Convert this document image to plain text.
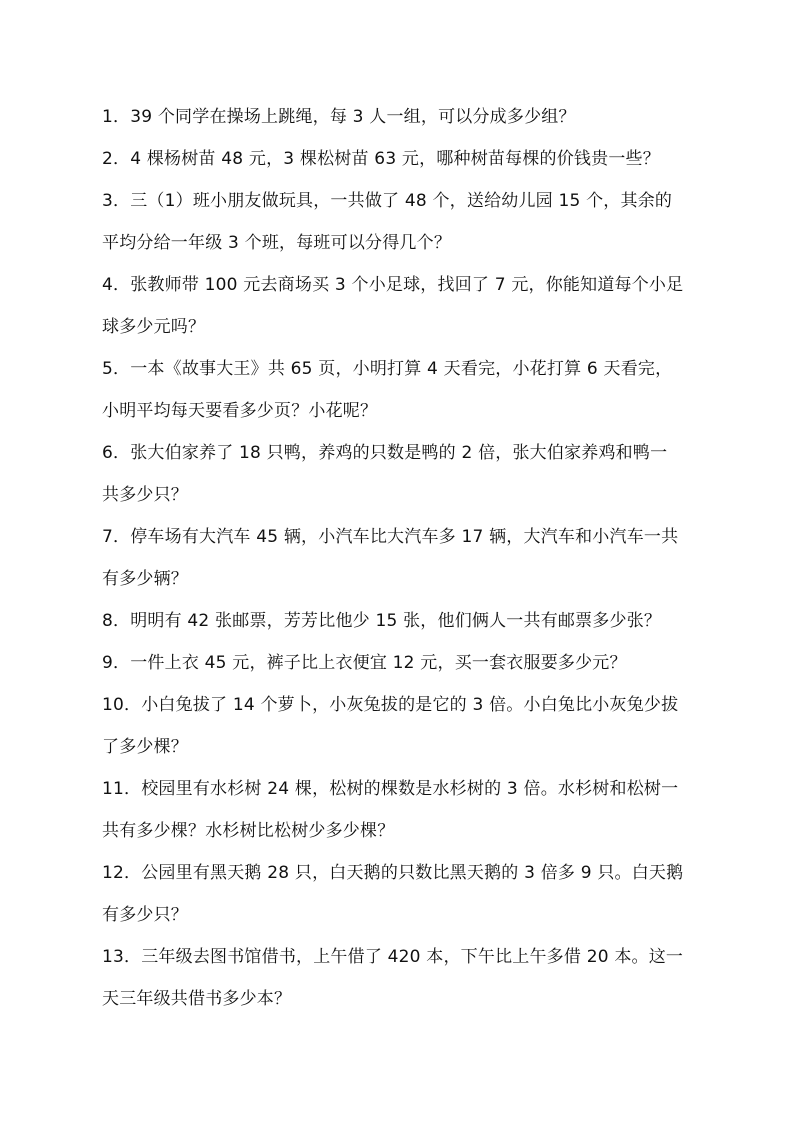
1．39 个同学在操场上跳绳，每 3 人一组，可以分成多少组？
2．4 棵杨树苗 48 元，3 棵松树苗 63 元，哪种树苗每棵的价钱贵一些？
3．三（1）班小朋友做玩具，一共做了 48 个，送给幼儿园 15 个，其余的
平均分给一年级 3 个班，每班可以分得几个？
4．张教师带 100 元去商场买 3 个小足球，找回了 7 元，你能知道每个小足
球多少元吗？
5．一本《故事大王》共 65 页，小明打算 4 天看完，小花打算 6 天看完，
小明平均每天要看多少页？小花呢？
6．张大伯家养了 18 只鸭，养鸡的只数是鸭的 2 倍，张大伯家养鸡和鸭一
共多少只？
7．停车场有大汽车 45 辆，小汽车比大汽车多 17 辆，大汽车和小汽车一共
有多少辆？
8．明明有 42 张邮票，芳芳比他少 15 张，他们俩人一共有邮票多少张？
9．一件上衣 45 元，裤子比上衣便宜 12 元，买一套衣服要多少元？
10．小白兔拔了 14 个萝卜，小灰兔拔的是它的 3 倍。小白兔比小灰兔少拔
了多少棵？
11．校园里有水杉树 24 棵，松树的棵数是水杉树的 3 倍。水杉树和松树一
共有多少棵？水杉树比松树少多少棵？
12．公园里有黑天鹅 28 只，白天鹅的只数比黑天鹅的 3 倍多 9 只。白天鹅
有多少只？
13．三年级去图书馆借书，上午借了 420 本，下午比上午多借 20 本。这一
天三年级共借书多少本？
